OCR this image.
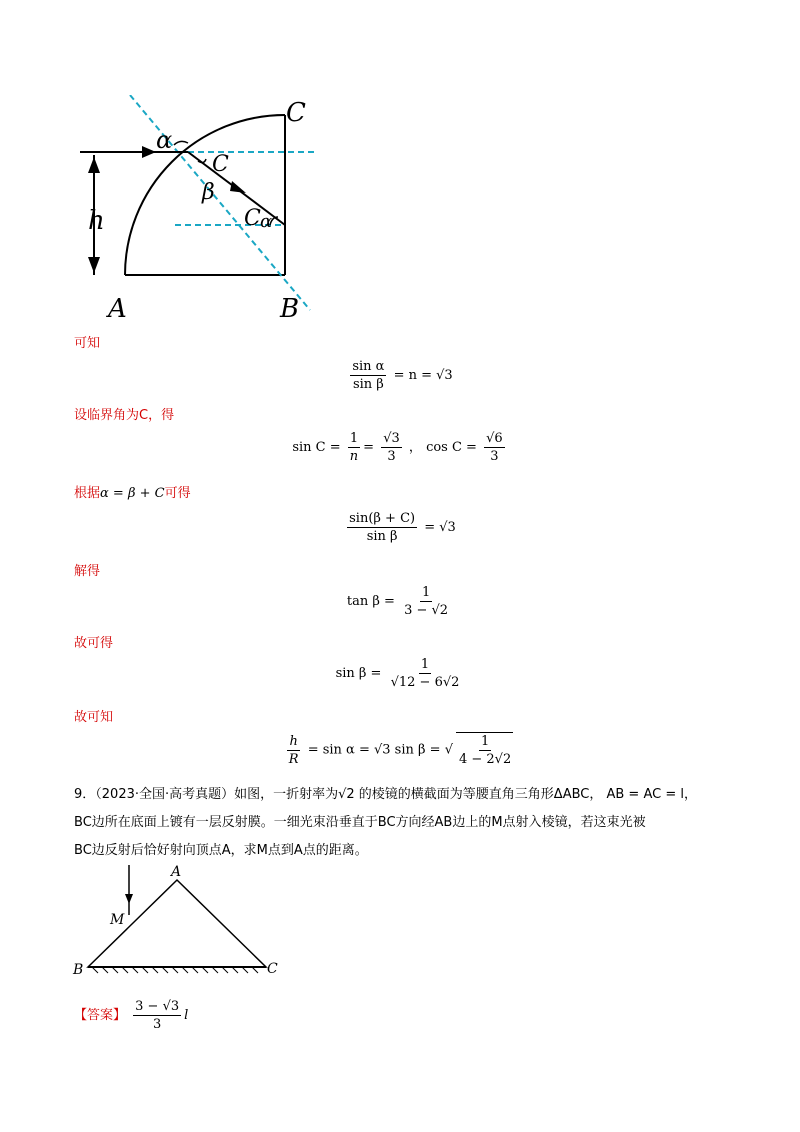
α
C
β
C α
h
A	B
C
可知
$\frac{\text{sin α}}{\text{sin β}} = n = √3$
设临界角为C，得
$\sin C = \frac{1}{n} = \frac{√3}{3}$ ， $\cos C = \frac{√6}{3}$
根据α = β + C可得
$\frac{\sin(\beta + C)}{\text{sin β}} = √3$
解得
$\tan \beta = \frac{1}{3 - √2}$
故可得
$\sin \beta = \frac{1}{√12 - 6√2}$
故可知
$\frac{h}{R} = \sin \alpha = √3$ sin β = √ $\frac{1}{4 - 2√2}$
9．（2023·全国·高考真题）如图，一折射率为√2 的棱镜的横截面为等腰直角三角形ΔABC， AB = AC = l，
BC边所在底面上镀有一层反射膜。一细光束沿垂直于BC方向经AB边上的M点射入棱镜，若这束光被
BC边反射后恰好射向顶点A，求M点到A点的距离。
A
M
B	C
【答案】 $\frac{3 - √3}{3}$ l
